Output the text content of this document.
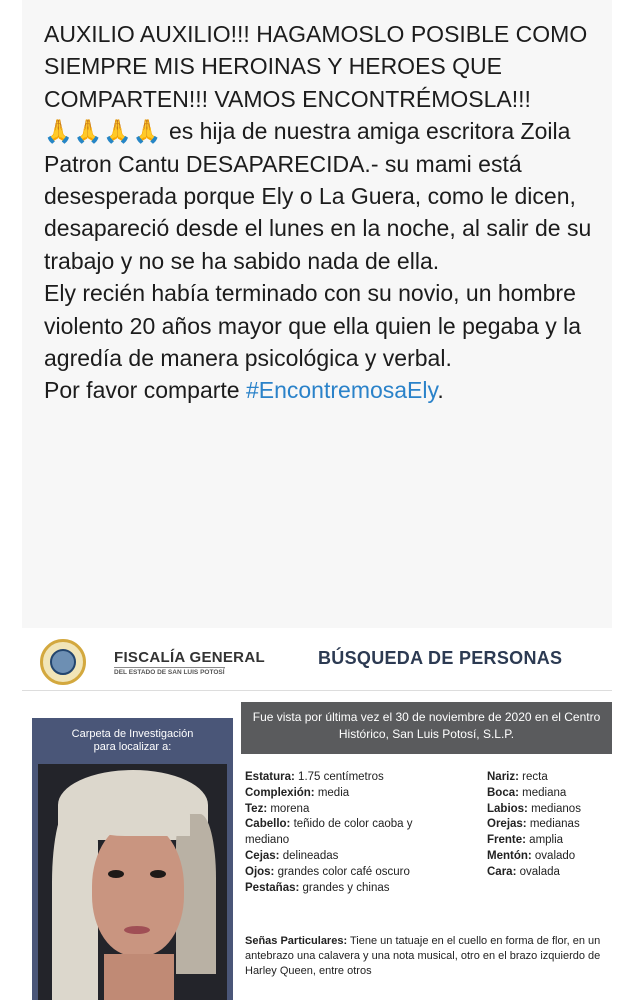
AUXILIO AUXILIO!!! HAGAMOSLO POSIBLE COMO SIEMPRE MIS HEROINAS Y HEROES QUE COMPARTEN!!! VAMOS ENCONTRÉMOSLA!!!

🙏🙏🙏🙏 es hija de nuestra amiga escritora Zoila Patron Cantu DESAPARECIDA.- su mami está desesperada porque Ely o La Guera, como le dicen, desapareció desde el lunes en la noche, al salir de su trabajo y no se ha sabido nada de ella.

Ely recién había terminado con su novio, un hombre violento 20 años mayor que ella quien le pegaba y la agredía de manera psicológica y verbal.

Por favor comparte #EncontremosaEly.

FISCALÍA GENERAL
DEL ESTADO DE SAN LUIS POTOSÍ
BÚSQUEDA DE PERSONAS
Carpeta de Investigación
para localizar a:
Fue vista por última vez el 30 de noviembre de 2020 en el Centro Histórico, San Luis Potosí, S.L.P.
Estatura: 1.75 centímetros
Complexión: media
Tez: morena
Cabello: teñido de color caoba y mediano
Cejas: delineadas
Ojos: grandes color café oscuro
Pestañas: grandes y chinas
Nariz: recta
Boca: mediana
Labios: medianos
Orejas: medianas
Frente: amplia
Mentón: ovalado
Cara: ovalada
Señas Particulares: Tiene un tatuaje en el cuello en forma de flor, en un antebrazo una calavera y una nota musical, otro en el brazo izquierdo de Harley Queen, entre otros
